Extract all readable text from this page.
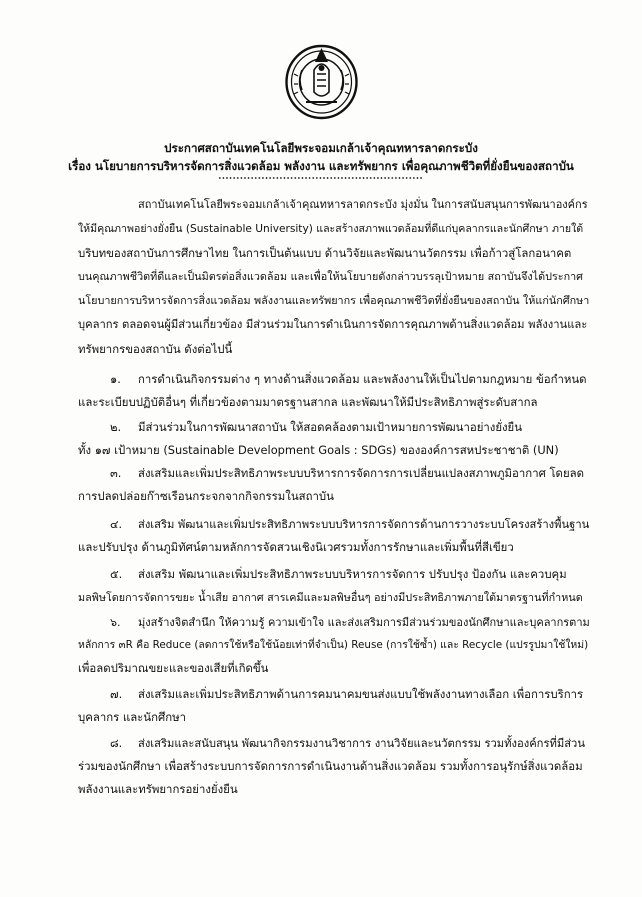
ประกาศสถาบันเทคโนโลยีพระจอมเกล้าเจ้าคุณทหารลาดกระบัง
เรื่อง นโยบายการบริหารจัดการสิ่งแวดล้อม พลังงาน และทรัพยากร เพื่อคุณภาพชีวิตที่ยั่งยืนของสถาบัน
สถาบันเทคโนโลยีพระจอมเกล้าเจ้าคุณทหารลาดกระบัง มุ่งมั่น ในการสนับสนุนการพัฒนาองค์กร
ให้มีคุณภาพอย่างยั่งยืน (Sustainable University) และสร้างสภาพแวดล้อมที่ดีแก่บุคลากรและนักศึกษา ภายใต้
บริบทของสถาบันการศึกษาไทย ในการเป็นต้นแบบ ด้านวิจัยและพัฒนานวัตกรรม เพื่อก้าวสู่โลกอนาคต
บนคุณภาพชีวิตที่ดีและเป็นมิตรต่อสิ่งแวดล้อม และเพื่อให้นโยบายดังกล่าวบรรลุเป้าหมาย สถาบันจึงได้ประกาศ
นโยบายการบริหารจัดการสิ่งแวดล้อม พลังงานและทรัพยากร เพื่อคุณภาพชีวิตที่ยั่งยืนของสถาบัน ให้แก่นักศึกษา
บุคลากร ตลอดจนผู้มีส่วนเกี่ยวข้อง มีส่วนร่วมในการดำเนินการจัดการคุณภาพด้านสิ่งแวดล้อม พลังงานและ
ทรัพยากรของสถาบัน ดังต่อไปนี้
๑. การดำเนินกิจกรรมต่าง ๆ ทางด้านสิ่งแวดล้อม และพลังงานให้เป็นไปตามกฎหมาย ข้อกำหนด
และระเบียบปฏิบัติอื่นๆ ที่เกี่ยวข้องตามมาตรฐานสากล และพัฒนาให้มีประสิทธิภาพสู่ระดับสากล
๒. มีส่วนร่วมในการพัฒนาสถาบัน ให้สอดคล้องตามเป้าหมายการพัฒนาอย่างยั่งยืน
ทั้ง ๑๗ เป้าหมาย (Sustainable Development Goals : SDGs) ขององค์การสหประชาชาติ (UN)
๓. ส่งเสริมและเพิ่มประสิทธิภาพระบบบริหารการจัดการการเปลี่ยนแปลงสภาพภูมิอากาศ โดยลด
การปลดปล่อยก๊าซเรือนกระจกจากกิจกรรมในสถาบัน
๔. ส่งเสริม พัฒนาและเพิ่มประสิทธิภาพระบบบริหารการจัดการด้านการวางระบบโครงสร้างพื้นฐาน
และปรับปรุง ด้านภูมิทัศน์ตามหลักการจัดสวนเชิงนิเวศรวมทั้งการรักษาและเพิ่มพื้นที่สีเขียว
๕. ส่งเสริม พัฒนาและเพิ่มประสิทธิภาพระบบบริหารการจัดการ ปรับปรุง ป้องกัน และควบคุม
มลพิษโดยการจัดการขยะ น้ำเสีย อากาศ สารเคมีและมลพิษอื่นๆ อย่างมีประสิทธิภาพภายใต้มาตรฐานที่กำหนด
๖. มุ่งสร้างจิตสำนึก ให้ความรู้ ความเข้าใจ และส่งเสริมการมีส่วนร่วมของนักศึกษาและบุคลากรตาม
หลักการ ๓R คือ Reduce (ลดการใช้หรือใช้น้อยเท่าที่จำเป็น) Reuse (การใช้ซ้ำ) และ Recycle (แปรรูปมาใช้ใหม่)
เพื่อลดปริมาณขยะและของเสียที่เกิดขึ้น
๗. ส่งเสริมและเพิ่มประสิทธิภาพด้านการคมนาคมขนส่งแบบใช้พลังงานทางเลือก เพื่อการบริการ
บุคลากร และนักศึกษา
๘. ส่งเสริมและสนับสนุน พัฒนากิจกรรมงานวิชาการ งานวิจัยและนวัตกรรม รวมทั้งองค์กรที่มีส่วน
ร่วมของนักศึกษา เพื่อสร้างระบบการจัดการการดำเนินงานด้านสิ่งแวดล้อม รวมทั้งการอนุรักษ์สิ่งแวดล้อม
พลังงานและทรัพยากรอย่างยั่งยืน
